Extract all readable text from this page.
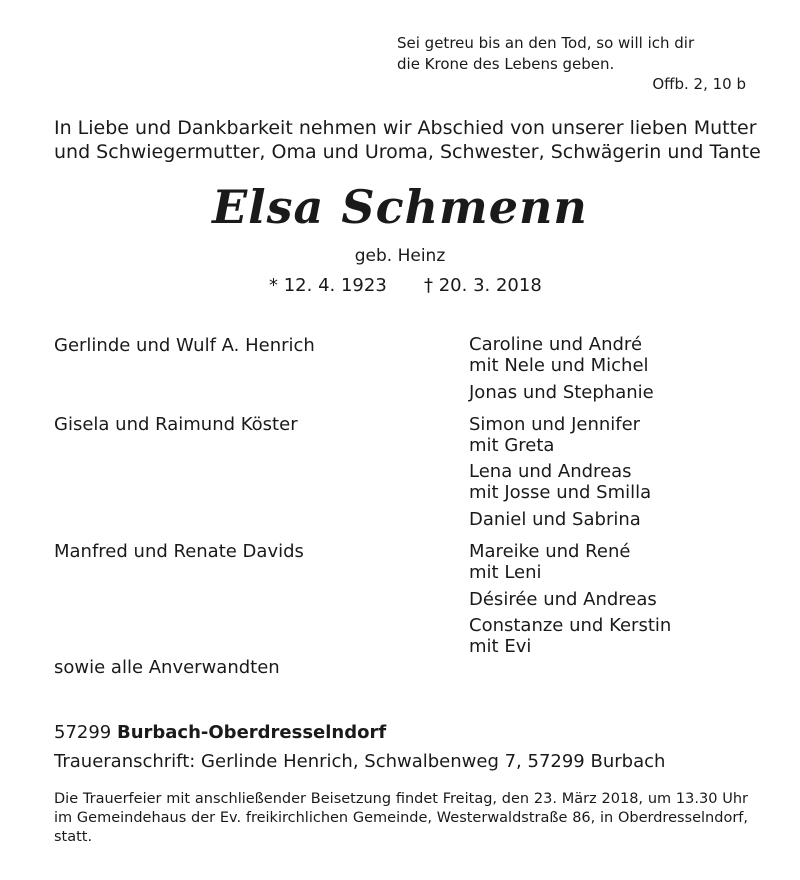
Sei getreu bis an den Tod, so will ich dir
die Krone des Lebens geben.
Offb. 2, 10 b
In Liebe und Dankbarkeit nehmen wir Abschied von unserer lieben Mutter
und Schwiegermutter, Oma und Uroma, Schwester, Schwägerin und Tante
Elsa Schmenn
geb. Heinz
* 12. 4. 1923 † 20. 3. 2018
Gerlinde und Wulf A. Henrich	Caroline und André
mit Nele und Michel
Jonas und Stephanie
Gisela und Raimund Köster	Simon und Jennifer
mit Greta
Lena und Andreas
mit Josse und Smilla
Daniel und Sabrina
Manfred und Renate Davids	Mareike und René
mit Leni
Désirée und Andreas
Constanze und Kerstin
mit Evi
sowie alle Anverwandten
57299 Burbach-Oberdresselndorf
Traueranschrift: Gerlinde Henrich, Schwalbenweg 7, 57299 Burbach
Die Trauerfeier mit anschließender Beisetzung findet Freitag, den 23. März 2018, um 13.30 Uhr im Gemeindehaus der Ev. freikirchlichen Gemeinde, Westerwaldstraße 86, in Oberdresselndorf, statt.
